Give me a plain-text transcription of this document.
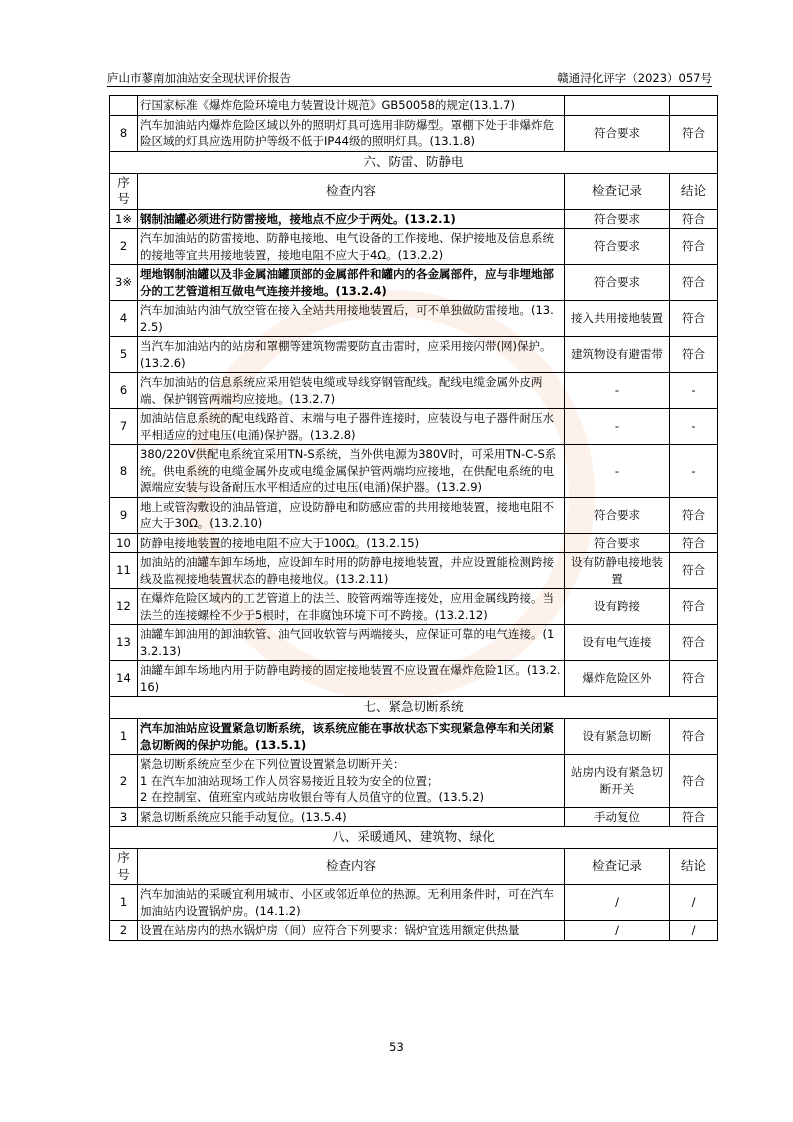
庐山市蓼南加油站安全现状评价报告	赣通浔化评字（2023）057号
	行国家标准《爆炸危险环境电力装置设计规范》GB50058的规定(13.1.7)		
8	汽车加油站内爆炸危险区域以外的照明灯具可选用非防爆型。罩棚下处于非爆炸危险区域的灯具应选用防护等级不低于IP44级的照明灯具。(13.1.8)	符合要求	符合
六、防雷、防静电			
序号	检查内容	检查记录	结论
1※	钢制油罐必须进行防雷接地，接地点不应少于两处。(13.2.1)	符合要求	符合
2	汽车加油站的防雷接地、防静电接地、电气设备的工作接地、保护接地及信息系统的接地等宜共用接地装置，接地电阻不应大于4Ω。(13.2.2)	符合要求	符合
3※	埋地钢制油罐以及非金属油罐顶部的金属部件和罐内的各金属部件，应与非埋地部分的工艺管道相互做电气连接并接地。(13.2.4)	符合要求	符合
4	汽车加油站内油气放空管在接入全站共用接地装置后，可不单独做防雷接地。(13.2.5)	接入共用接地装置	符合
5	当汽车加油站内的站房和罩棚等建筑物需要防直击雷时，应采用接闪带(网)保护。(13.2.6)	建筑物设有避雷带	符合
6	汽车加油站的信息系统应采用铠装电缆或导线穿钢管配线。配线电缆金属外皮两端、保护钢管两端均应接地。(13.2.7)	-	-
7	加油站信息系统的配电线路首、末端与电子器件连接时，应装设与电子器件耐压水平相适应的过电压(电涌)保护器。(13.2.8)	-	-
8	380/220V供配电系统宜采用TN-S系统，当外供电源为380V时，可采用TN-C-S系统。供电系统的电缆金属外皮或电缆金属保护管两端均应接地，在供配电系统的电源端应安装与设备耐压水平相适应的过电压(电涌)保护器。(13.2.9)	-	-
9	地上或管沟敷设的油品管道，应设防静电和防感应雷的共用接地装置，接地电阻不应大于30Ω。(13.2.10)	符合要求	符合
10	防静电接地装置的接地电阻不应大于100Ω。(13.2.15)	符合要求	符合
11	加油站的油罐车卸车场地，应设卸车时用的防静电接地装置，并应设置能检测跨接线及监视接地装置状态的静电接地仪。(13.2.11)	设有防静电接地装置	符合
12	在爆炸危险区域内的工艺管道上的法兰、胶管两端等连接处，应用金属线跨接。当法兰的连接螺栓不少于5根时，在非腐蚀环境下可不跨接。(13.2.12)	设有跨接	符合
13	油罐车卸油用的卸油软管、油气回收软管与两端接头，应保证可靠的电气连接。(13.2.13)	设有电气连接	符合
14	油罐车卸车场地内用于防静电跨接的固定接地装置不应设置在爆炸危险1区。(13.2.16)	爆炸危险区外	符合
七、紧急切断系统			
1	汽车加油站应设置紧急切断系统，该系统应能在事故状态下实现紧急停车和关闭紧急切断阀的保护功能。(13.5.1)	设有紧急切断	符合
2	紧急切断系统应至少在下列位置设置紧急切断开关：
1 在汽车加油站现场工作人员容易接近且较为安全的位置；
2 在控制室、值班室内或站房收银台等有人员值守的位置。(13.5.2)	站房内设有紧急切断开关	符合
3	紧急切断系统应只能手动复位。(13.5.4)	手动复位	符合
八、采暖通风、建筑物、绿化			
序号	检查内容	检查记录	结论
1	汽车加油站的采暖宜利用城市、小区或邻近单位的热源。无利用条件时，可在汽车加油站内设置锅炉房。(14.1.2)	/	/
2	设置在站房内的热水锅炉房（间）应符合下列要求：锅炉宜选用额定供热量	/	/
53
